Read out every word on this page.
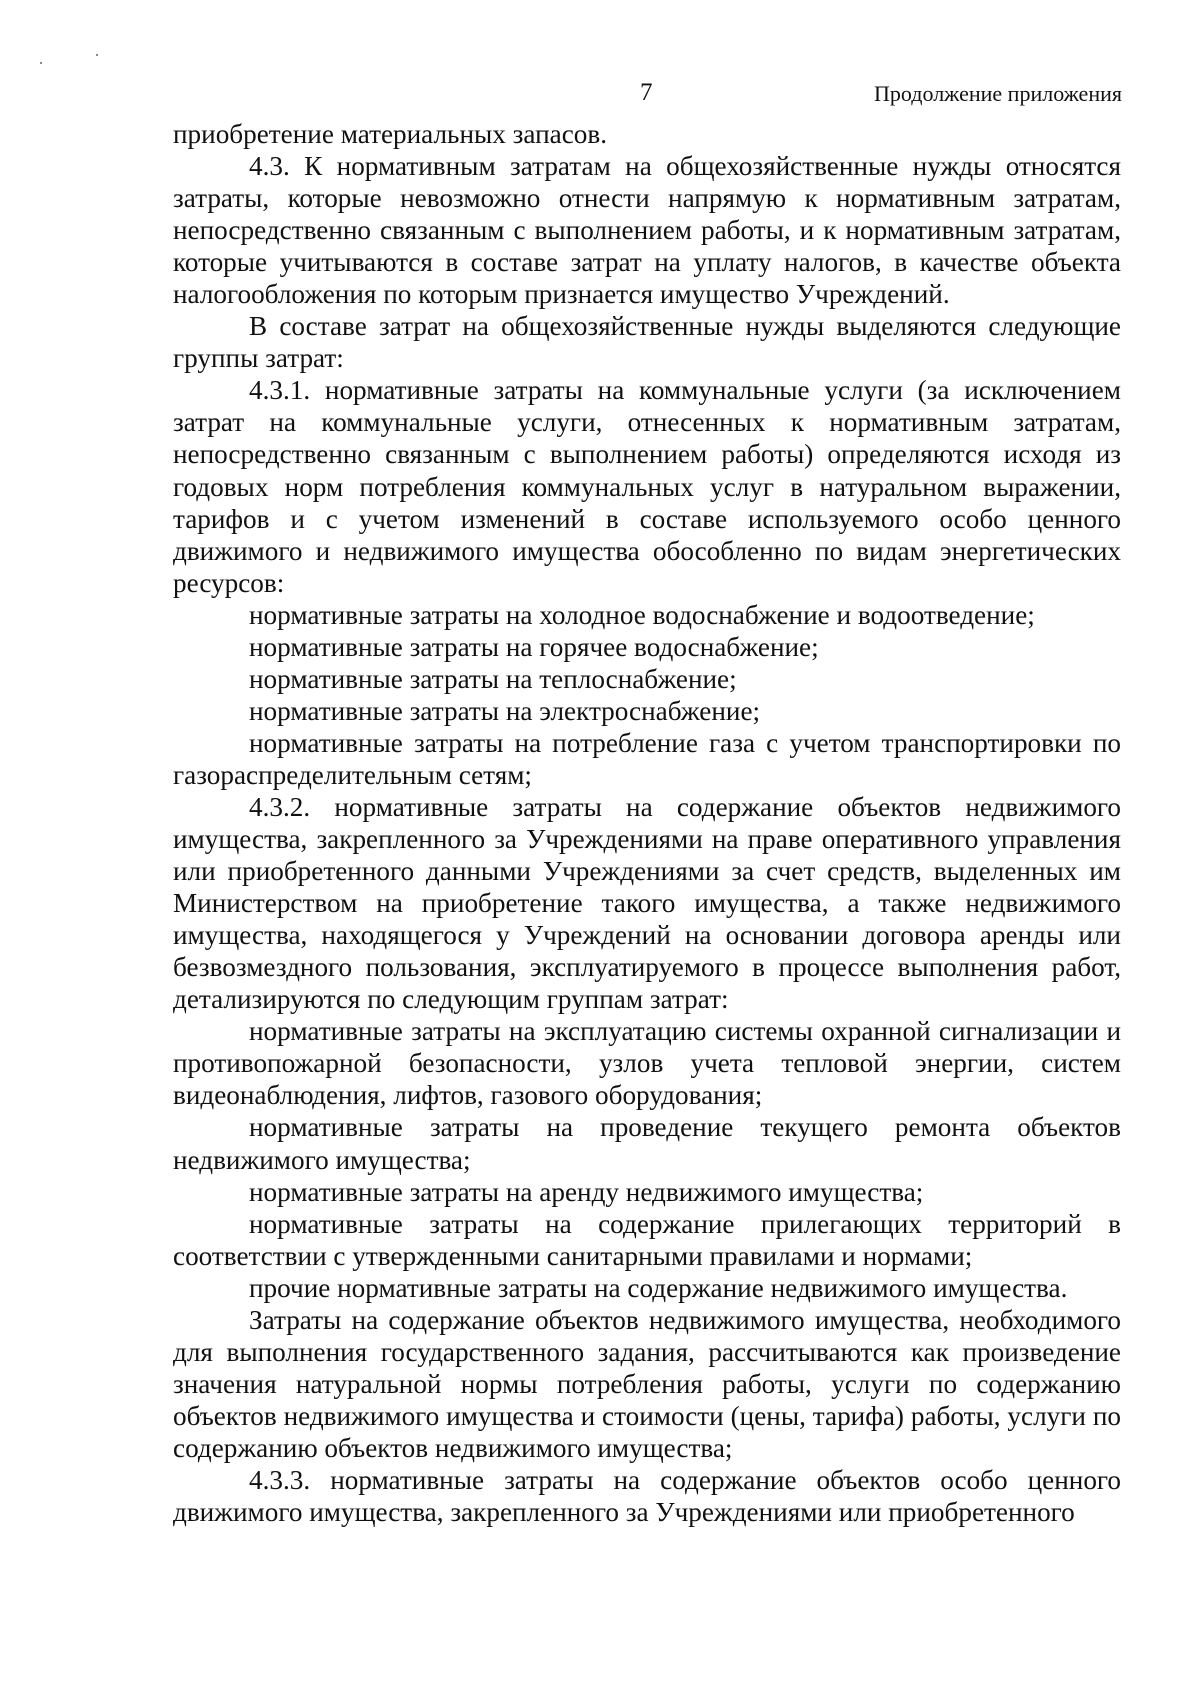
7	Продолжение приложения

приобретение материальных запасов.

4.3. К нормативным затратам на общехозяйственные нужды относятся затраты, которые невозможно отнести напрямую к нормативным затратам, непосредственно связанным с выполнением работы, и к нормативным затратам, которые учитываются в составе затрат на уплату налогов, в качестве объекта налогообложения по которым признается имущество Учреждений.

В составе затрат на общехозяйственные нужды выделяются следующие группы затрат:

4.3.1. нормативные затраты на коммунальные услуги (за исключением затрат на коммунальные услуги, отнесенных к нормативным затратам, непосредственно связанным с выполнением работы) определяются исходя из годовых норм потребления коммунальных услуг в натуральном выражении, тарифов и с учетом изменений в составе используемого особо ценного движимого и недвижимого имущества обособленно по видам энергетических ресурсов:

нормативные затраты на холодное водоснабжение и водоотведение;

нормативные затраты на горячее водоснабжение;

нормативные затраты на теплоснабжение;

нормативные затраты на электроснабжение;

нормативные затраты на потребление газа с учетом транспортировки по газораспределительным сетям;

4.3.2. нормативные затраты на содержание объектов недвижимого имущества, закрепленного за Учреждениями на праве оперативного управления или приобретенного данными Учреждениями за счет средств, выделенных им Министерством на приобретение такого имущества, а также недвижимого имущества, находящегося у Учреждений на основании договора аренды или безвозмездного пользования, эксплуатируемого в процессе выполнения работ, детализируются по следующим группам затрат:

нормативные затраты на эксплуатацию системы охранной сигнализации и противопожарной безопасности, узлов учета тепловой энергии, систем видеонаблюдения, лифтов, газового оборудования;

нормативные затраты на проведение текущего ремонта объектов недвижимого имущества;

нормативные затраты на аренду недвижимого имущества;

нормативные затраты на содержание прилегающих территорий в соответствии с утвержденными санитарными правилами и нормами;

прочие нормативные затраты на содержание недвижимого имущества.

Затраты на содержание объектов недвижимого имущества, необходимого для выполнения государственного задания, рассчитываются как произведение значения натуральной нормы потребления работы, услуги по содержанию объектов недвижимого имущества и стоимости (цены, тарифа) работы, услуги по содержанию объектов недвижимого имущества;

4.3.3. нормативные затраты на содержание объектов особо ценного движимого имущества, закрепленного за Учреждениями или приобретенного
